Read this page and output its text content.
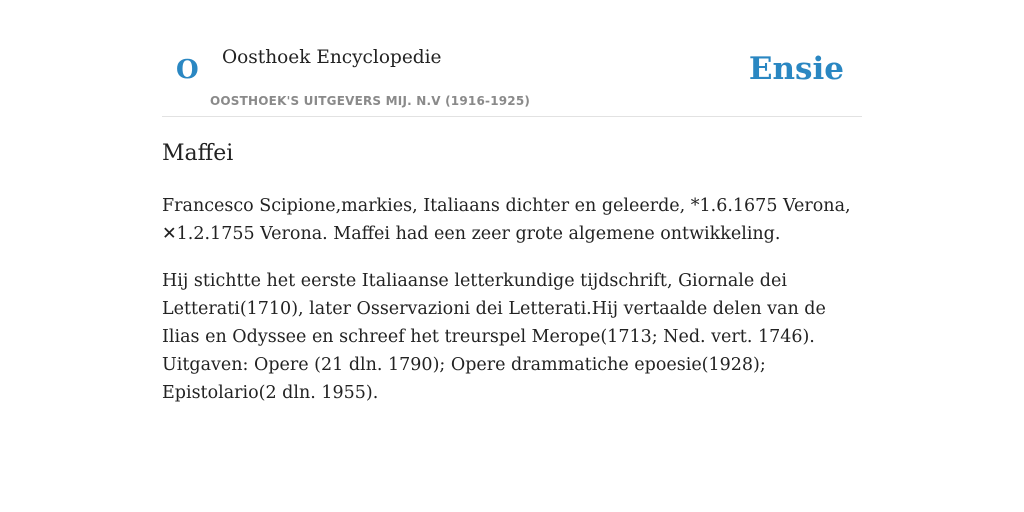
O Oosthoek Encyclopedie
OOSTHOEK'S UITGEVERS MIJ. N.V (1916-1925)
Ensie
Maffei

Francesco Scipione,markies, Italiaans dichter en geleerde, *1.6.1675 Verona, ✕1.2.1755 Verona. Maffei had een zeer grote algemene ontwikkeling.

Hij stichtte het eerste Italiaanse letterkundige tijdschrift, Giornale dei Letterati(1710), later Osservazioni dei Letterati.Hij vertaalde delen van de Ilias en Odyssee en schreef het treurspel Merope(1713; Ned. vert. 1746). Uitgaven: Opere (21 dln. 1790); Opere drammatiche epoesie(1928); Epistolario(2 dln. 1955).
